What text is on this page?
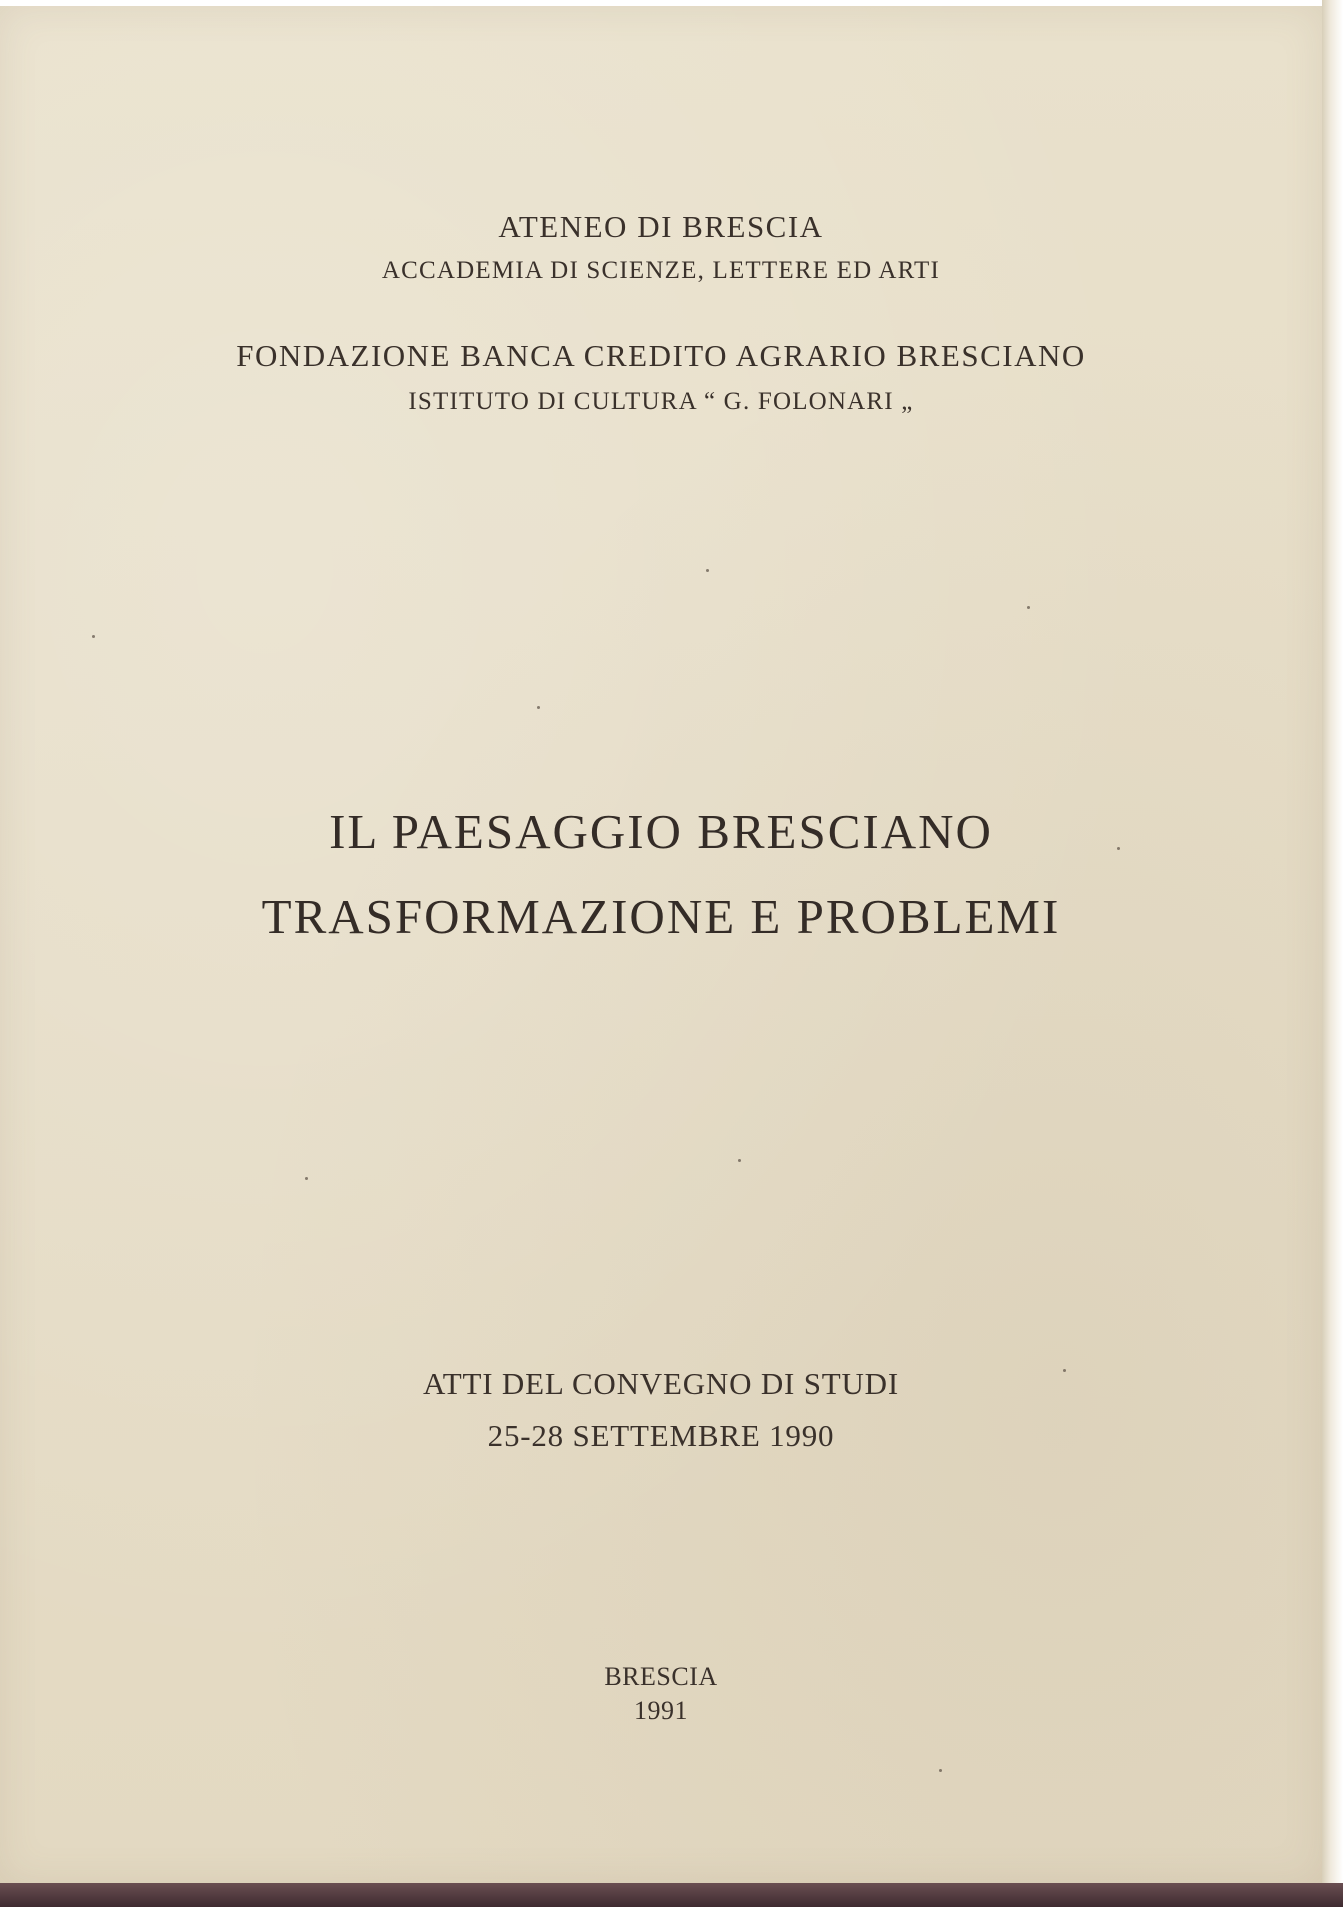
ATENEO DI BRESCIA

ACCADEMIA DI SCIENZE, LETTERE ED ARTI

FONDAZIONE BANCA CREDITO AGRARIO BRESCIANO

ISTITUTO DI CULTURA “ G. FOLONARI „

IL PAESAGGIO BRESCIANO
TRASFORMAZIONE E PROBLEMI

ATTI DEL CONVEGNO DI STUDI

25-28 SETTEMBRE 1990

BRESCIA

1991
